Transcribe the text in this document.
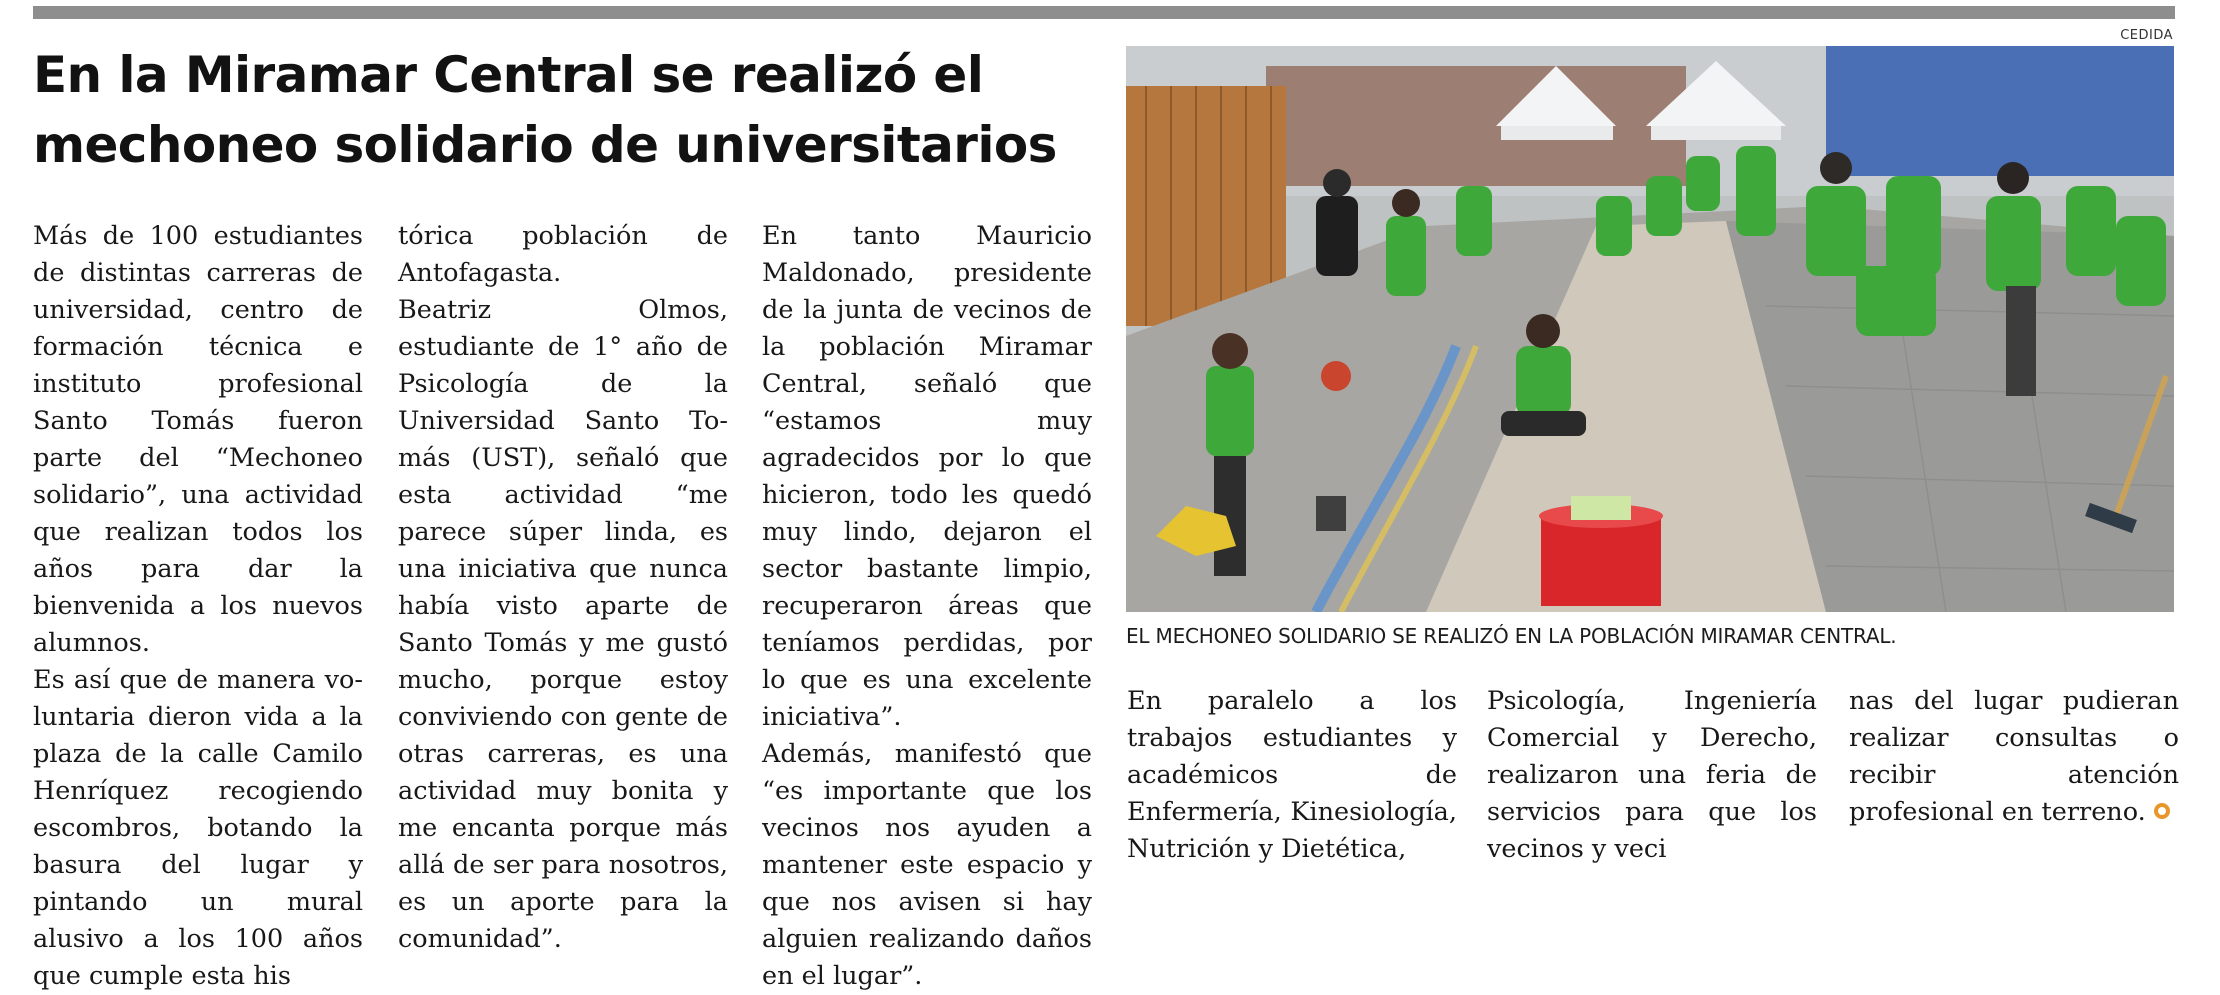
En la Miramar Central se realizó el
mechoneo solidario de universitarios

Más de 100 estudiantes de distintas carreras de universidad, centro de formación técnica e instituto profesional Santo Tomás fueron parte del “Mechoneo solidario”, una actividad que realizan todos los años para dar la bienvenida a los nuevos alumnos.

Es así que de manera voluntaria dieron vida a la plaza de la calle Camilo Henríquez recogiendo escombros, botando la basura del lugar y pintando un mural alusivo a los 100 años que cumple esta his

tórica población de Antofagasta.

Beatriz Olmos, estudiante de 1° año de Psicología de la Universidad Santo Tomás (UST), señaló que esta actividad “me parece súper linda, es una iniciativa que nunca había visto aparte de Santo Tomás y me gustó mucho, porque estoy conviviendo con gente de otras carreras, es una actividad muy bonita y me encanta porque más allá de ser para nosotros, es un aporte para la comunidad”.

En tanto Mauricio Maldonado, presidente de la junta de vecinos de la población Miramar Central, señaló que “estamos muy agradecidos por lo que hicieron, todo les quedó muy lindo, dejaron el sector bastante limpio, recuperaron áreas que teníamos perdidas, por lo que es una excelente iniciativa”.

Además, manifestó que “es importante que los vecinos nos ayuden a mantener este espacio y que nos avisen si hay alguien realizando daños en el lugar”.

CEDIDA
EL MECHONEO SOLIDARIO SE REALIZÓ EN LA POBLACIÓN MIRAMAR CENTRAL.

En paralelo a los trabajos estudiantes y académicos de Enfermería, Kinesiología, Nutrición y Dietética,

Psicología, Ingeniería Comercial y Derecho, realizaron una feria de servicios para que los vecinos y veci

nas del lugar pudieran realizar consultas o recibir atención profesional en terreno.
